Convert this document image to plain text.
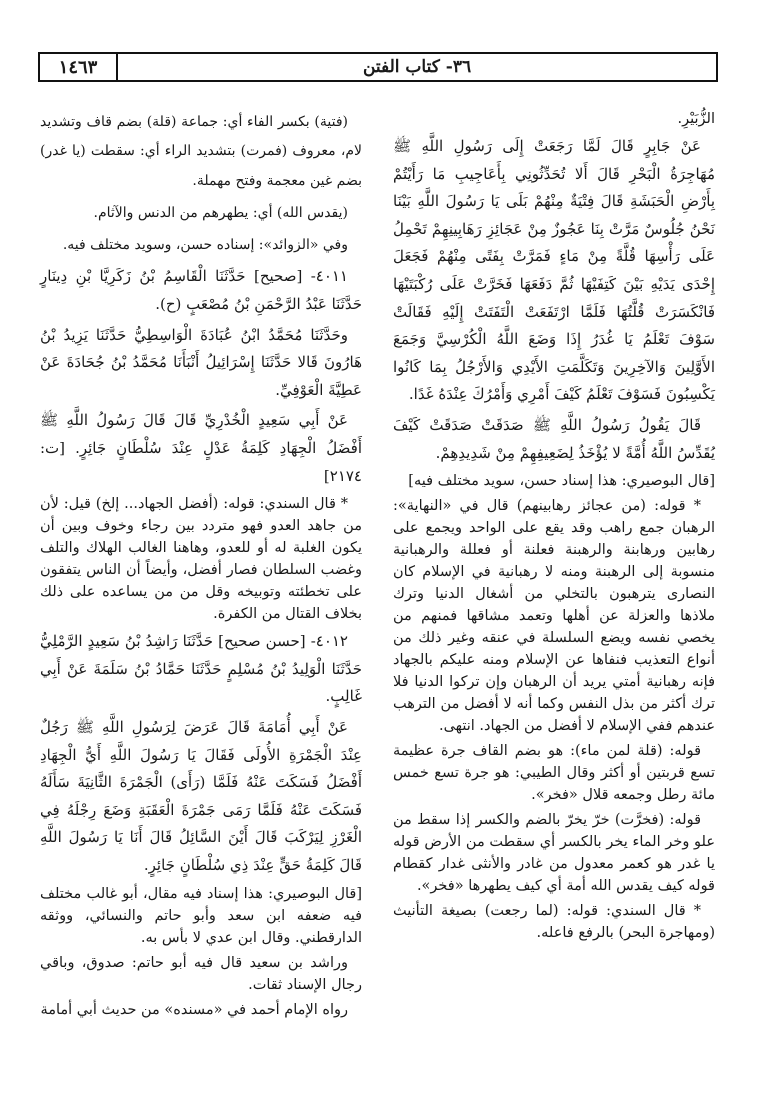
١٤٦٣	٣٦- كتاب الفتن

الزُّبَيْرِ.

عَنْ جَابِرٍ قَالَ لَمَّا رَجَعَتْ إِلَى رَسُولِ اللَّهِ ﷺ مُهَاجِرَةُ الْبَحْرِ قَالَ أَلا تُحَدِّثُونِي بِأَعَاجِيبِ مَا رَأَيْتُمْ بِأَرْضِ الْحَبَشَةِ قَالَ فِتْيَةٌ مِنْهُمْ بَلَى يَا رَسُولَ اللَّهِ بَيْنَا نَحْنُ جُلُوسٌ مَرَّتْ بِنَا عَجُوزٌ مِنْ عَجَائِزِ رَهَابِينِهِمْ تَحْمِلُ عَلَى رَأْسِهَا قُلَّةً مِنْ مَاءٍ فَمَرَّتْ بِفَتًى مِنْهُمْ فَجَعَلَ إِحْدَى يَدَيْهِ بَيْنَ كَتِفَيْهَا ثُمَّ دَفَعَهَا فَخَرَّتْ عَلَى رُكْبَتَيْهَا فَانْكَسَرَتْ قُلَّتُهَا فَلَمَّا ارْتَفَعَتْ الْتَفَتَتْ إِلَيْهِ فَقَالَتْ سَوْفَ تَعْلَمُ يَا غُدَرُ إِذَا وَضَعَ اللَّهُ الْكُرْسِيَّ وَجَمَعَ الأَوَّلِينَ وَالآخِرِينَ وَتَكَلَّمَتِ الأَيْدِي وَالأَرْجُلُ بِمَا كَانُوا يَكْسِبُونَ فَسَوْفَ تَعْلَمُ كَيْفَ أَمْرِي وَأَمْرُكَ عِنْدَهُ غَدًا.

قَالَ يَقُولُ رَسُولُ اللَّهِ ﷺ صَدَقَتْ صَدَقَتْ كَيْفَ يُقَدِّسُ اللَّهُ أُمَّةً لا يُؤْخَذُ لِضَعِيفِهِمْ مِنْ شَدِيدِهِمْ.

[قال البوصيري: هذا إسناد حسن، سويد مختلف فيه]

* قوله: (من عجائز رهابينهم) قال في «النهاية»: الرهبان جمع راهب وقد يقع على الواحد ويجمع على رهابين ورهابنة والرهبنة فعلنة أو فعللة والرهبانية منسوبة إلى الرهبنة ومنه لا رهبانية في الإسلام كان النصارى يترهبون بالتخلي من أشغال الدنيا وترك ملاذها والعزلة عن أهلها وتعمد مشاقها فمنهم من يخصي نفسه ويضع السلسلة في عنقه وغير ذلك من أنواع التعذيب فنفاها عن الإسلام ومنه عليكم بالجهاد فإنه رهبانية أمتي يريد أن الرهبان وإن تركوا الدنيا فلا ترك أكثر من بذل النفس وكما أنه لا أفضل من الترهب عندهم ففي الإسلام لا أفضل من الجهاد. انتهى.

قوله: (قلة لمن ماء): هو بضم القاف جرة عظيمة تسع قربتين أو أكثر وقال الطيبي: هو جرة تسع خمس مائة رطل وجمعه قلال «فخر».

قوله: (فخرَّت) خرّ يخرّ بالضم والكسر إذا سقط من علو وخر الماء يخر بالكسر أي سقطت من الأرض قوله يا غدر هو كعمر معدول من غادر والأنثى غدار كقطام قوله كيف يقدس الله أمة أي كيف يطهرها «فخر».

* قال السندي: قوله: (لما رجعت) بصيغة التأنيث (ومهاجرة البحر) بالرفع فاعله.

(فتية) بكسر الفاء أي: جماعة (قلة) بضم قاف وتشديد لام، معروف (فمرت) بتشديد الراء أي: سقطت (يا غدر) بضم غين معجمة وفتح مهملة.

(يقدس الله) أي: يطهرهم من الدنس والآثام.

وفي «الزوائد»: إسناده حسن، وسويد مختلف فيه.

٤٠١١- [صحيح] حَدَّثَنَا الْقَاسِمُ بْنُ زَكَرِيَّا بْنِ دِينَارٍ حَدَّثَنَا عَبْدُ الرَّحْمَنِ بْنُ مُصْعَبٍ (ح).

وحَدَّثَنَا مُحَمَّدُ ابْنُ عُبَادَةَ الْوَاسِطِيُّ حَدَّثَنَا يَزِيدُ بْنُ هَارُونَ قَالا حَدَّثَنَا إِسْرَائِيلُ أَنْبَأَنَا مُحَمَّدُ بْنُ جُحَادَةَ عَنْ عَطِيَّةَ الْعَوْفِيِّ.

عَنْ أَبِي سَعِيدٍ الْخُدْرِيِّ قَالَ قَالَ رَسُولُ اللَّهِ ﷺ أَفْضَلُ الْجِهَادِ كَلِمَةُ عَدْلٍ عِنْدَ سُلْطَانٍ جَائِرٍ. [ت: ٢١٧٤]

* قال السندي: قوله: (أفضل الجهاد... إلخ) قيل: لأن من جاهد العدو فهو متردد بين رجاء وخوف وبين أن يكون الغلبة له أو للعدو، وهاهنا الغالب الهلاك والتلف وغضب السلطان فصار أفضل، وأيضاً أن الناس يتفقون على تخطئته وتوبيخه وقل من من يساعده على ذلك بخلاف القتال من الكفرة.

٤٠١٢- [حسن صحيح] حَدَّثَنَا رَاشِدُ بْنُ سَعِيدٍ الرَّمْلِيُّ حَدَّثَنَا الْوَلِيدُ بْنُ مُسْلِمٍ حَدَّثَنَا حَمَّادُ بْنُ سَلَمَةَ عَنْ أَبِي غَالِبٍ.

عَنْ أَبِي أُمَامَةَ قَالَ عَرَضَ لِرَسُولِ اللَّهِ ﷺ رَجُلٌ عِنْدَ الْجَمْرَةِ الأُولَى فَقَالَ يَا رَسُولَ اللَّهِ أَيُّ الْجِهَادِ أَفْضَلُ فَسَكَتَ عَنْهُ فَلَمَّا (رَأَى) الْجَمْرَةَ الثَّانِيَةَ سَأَلَهُ فَسَكَتَ عَنْهُ فَلَمَّا رَمَى جَمْرَةَ الْعَقَبَةِ وَضَعَ رِجْلَهُ فِي الْغَرْزِ لِيَرْكَبَ قَالَ أَيْنَ السَّائِلُ قَالَ أَنَا يَا رَسُولَ اللَّهِ قَالَ كَلِمَةُ حَقٍّ عِنْدَ ذِي سُلْطَانٍ جَائِرٍ.

[قال البوصيري: هذا إسناد فيه مقال، أبو غالب مختلف فيه ضعفه ابن سعد وأبو حاتم والنسائي، ووثقه الدارقطني. وقال ابن عدي لا بأس به.

وراشد بن سعيد قال فيه أبو حاتم: صدوق، وباقي رجال الإسناد ثقات.

رواه الإمام أحمد في «مسنده» من حديث أبي أمامة
